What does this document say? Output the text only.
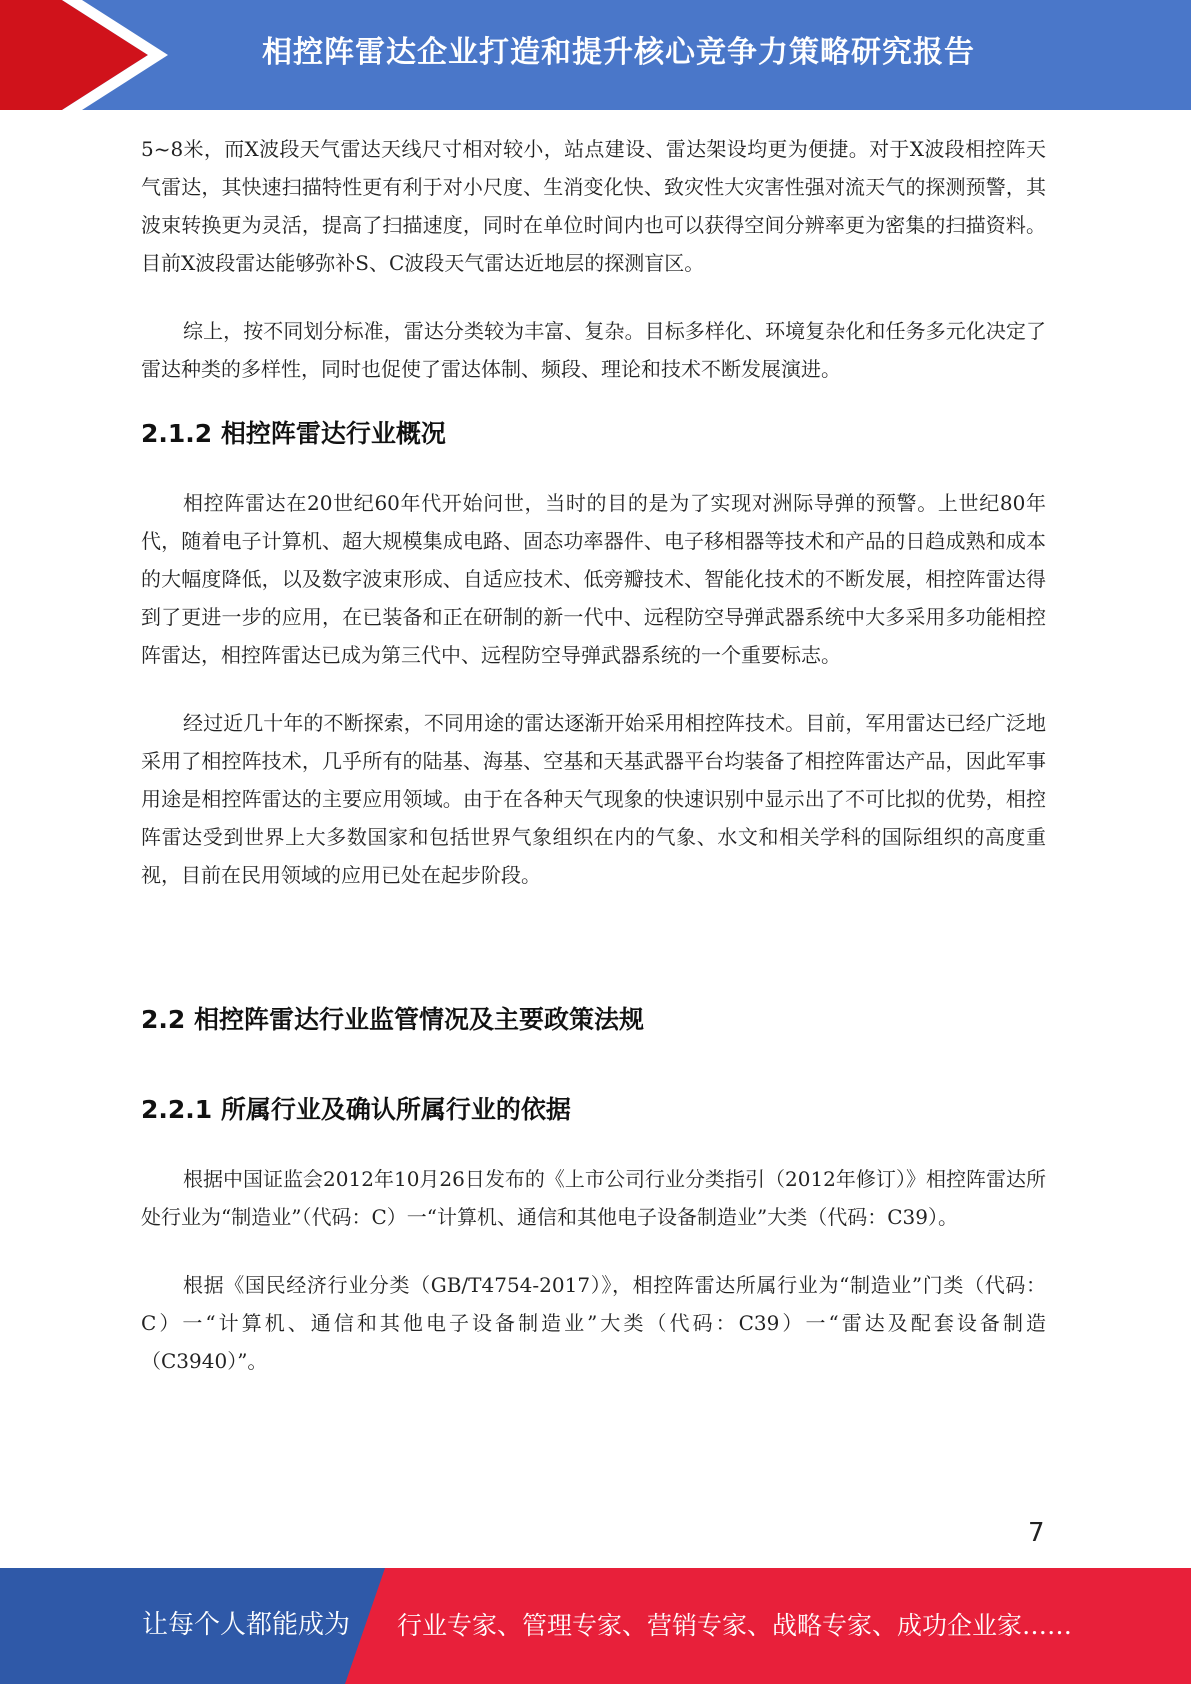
相控阵雷达企业打造和提升核心竞争力策略研究报告

5~8米，而X波段天气雷达天线尺寸相对较小，站点建设、雷达架设均更为便捷。对于X波段相控阵天气雷达，其快速扫描特性更有利于对小尺度、生消变化快、致灾性大灾害性强对流天气的探测预警，其波束转换更为灵活，提高了扫描速度，同时在单位时间内也可以获得空间分辨率更为密集的扫描资料。目前X波段雷达能够弥补S、C波段天气雷达近地层的探测盲区。

综上，按不同划分标准，雷达分类较为丰富、复杂。目标多样化、环境复杂化和任务多元化决定了雷达种类的多样性，同时也促使了雷达体制、频段、理论和技术不断发展演进。

2.1.2 相控阵雷达行业概况

相控阵雷达在20世纪60年代开始问世，当时的目的是为了实现对洲际导弹的预警。上世纪80年代，随着电子计算机、超大规模集成电路、固态功率器件、电子移相器等技术和产品的日趋成熟和成本的大幅度降低，以及数字波束形成、自适应技术、低旁瓣技术、智能化技术的不断发展，相控阵雷达得到了更进一步的应用，在已装备和正在研制的新一代中、远程防空导弹武器系统中大多采用多功能相控阵雷达，相控阵雷达已成为第三代中、远程防空导弹武器系统的一个重要标志。

经过近几十年的不断探索，不同用途的雷达逐渐开始采用相控阵技术。目前，军用雷达已经广泛地采用了相控阵技术，几乎所有的陆基、海基、空基和天基武器平台均装备了相控阵雷达产品，因此军事用途是相控阵雷达的主要应用领域。由于在各种天气现象的快速识别中显示出了不可比拟的优势，相控阵雷达受到世界上大多数国家和包括世界气象组织在内的气象、水文和相关学科的国际组织的高度重视，目前在民用领域的应用已处在起步阶段。

2.2 相控阵雷达行业监管情况及主要政策法规
2.2.1 所属行业及确认所属行业的依据

根据中国证监会2012年10月26日发布的《上市公司行业分类指引（2012年修订）》相控阵雷达所处行业为“制造业”（代码：C）一“计算机、通信和其他电子设备制造业”大类（代码：C39）。

根据《国民经济行业分类（GB/T4754-2017）》，相控阵雷达所属行业为“制造业”门类（代码：C）一“计算机、通信和其他电子设备制造业”大类（代码：C39）一“雷达及配套设备制造（C3940）”。

7
让每个人都能成为 行业专家、管理专家、营销专家、战略专家、成功企业家……
